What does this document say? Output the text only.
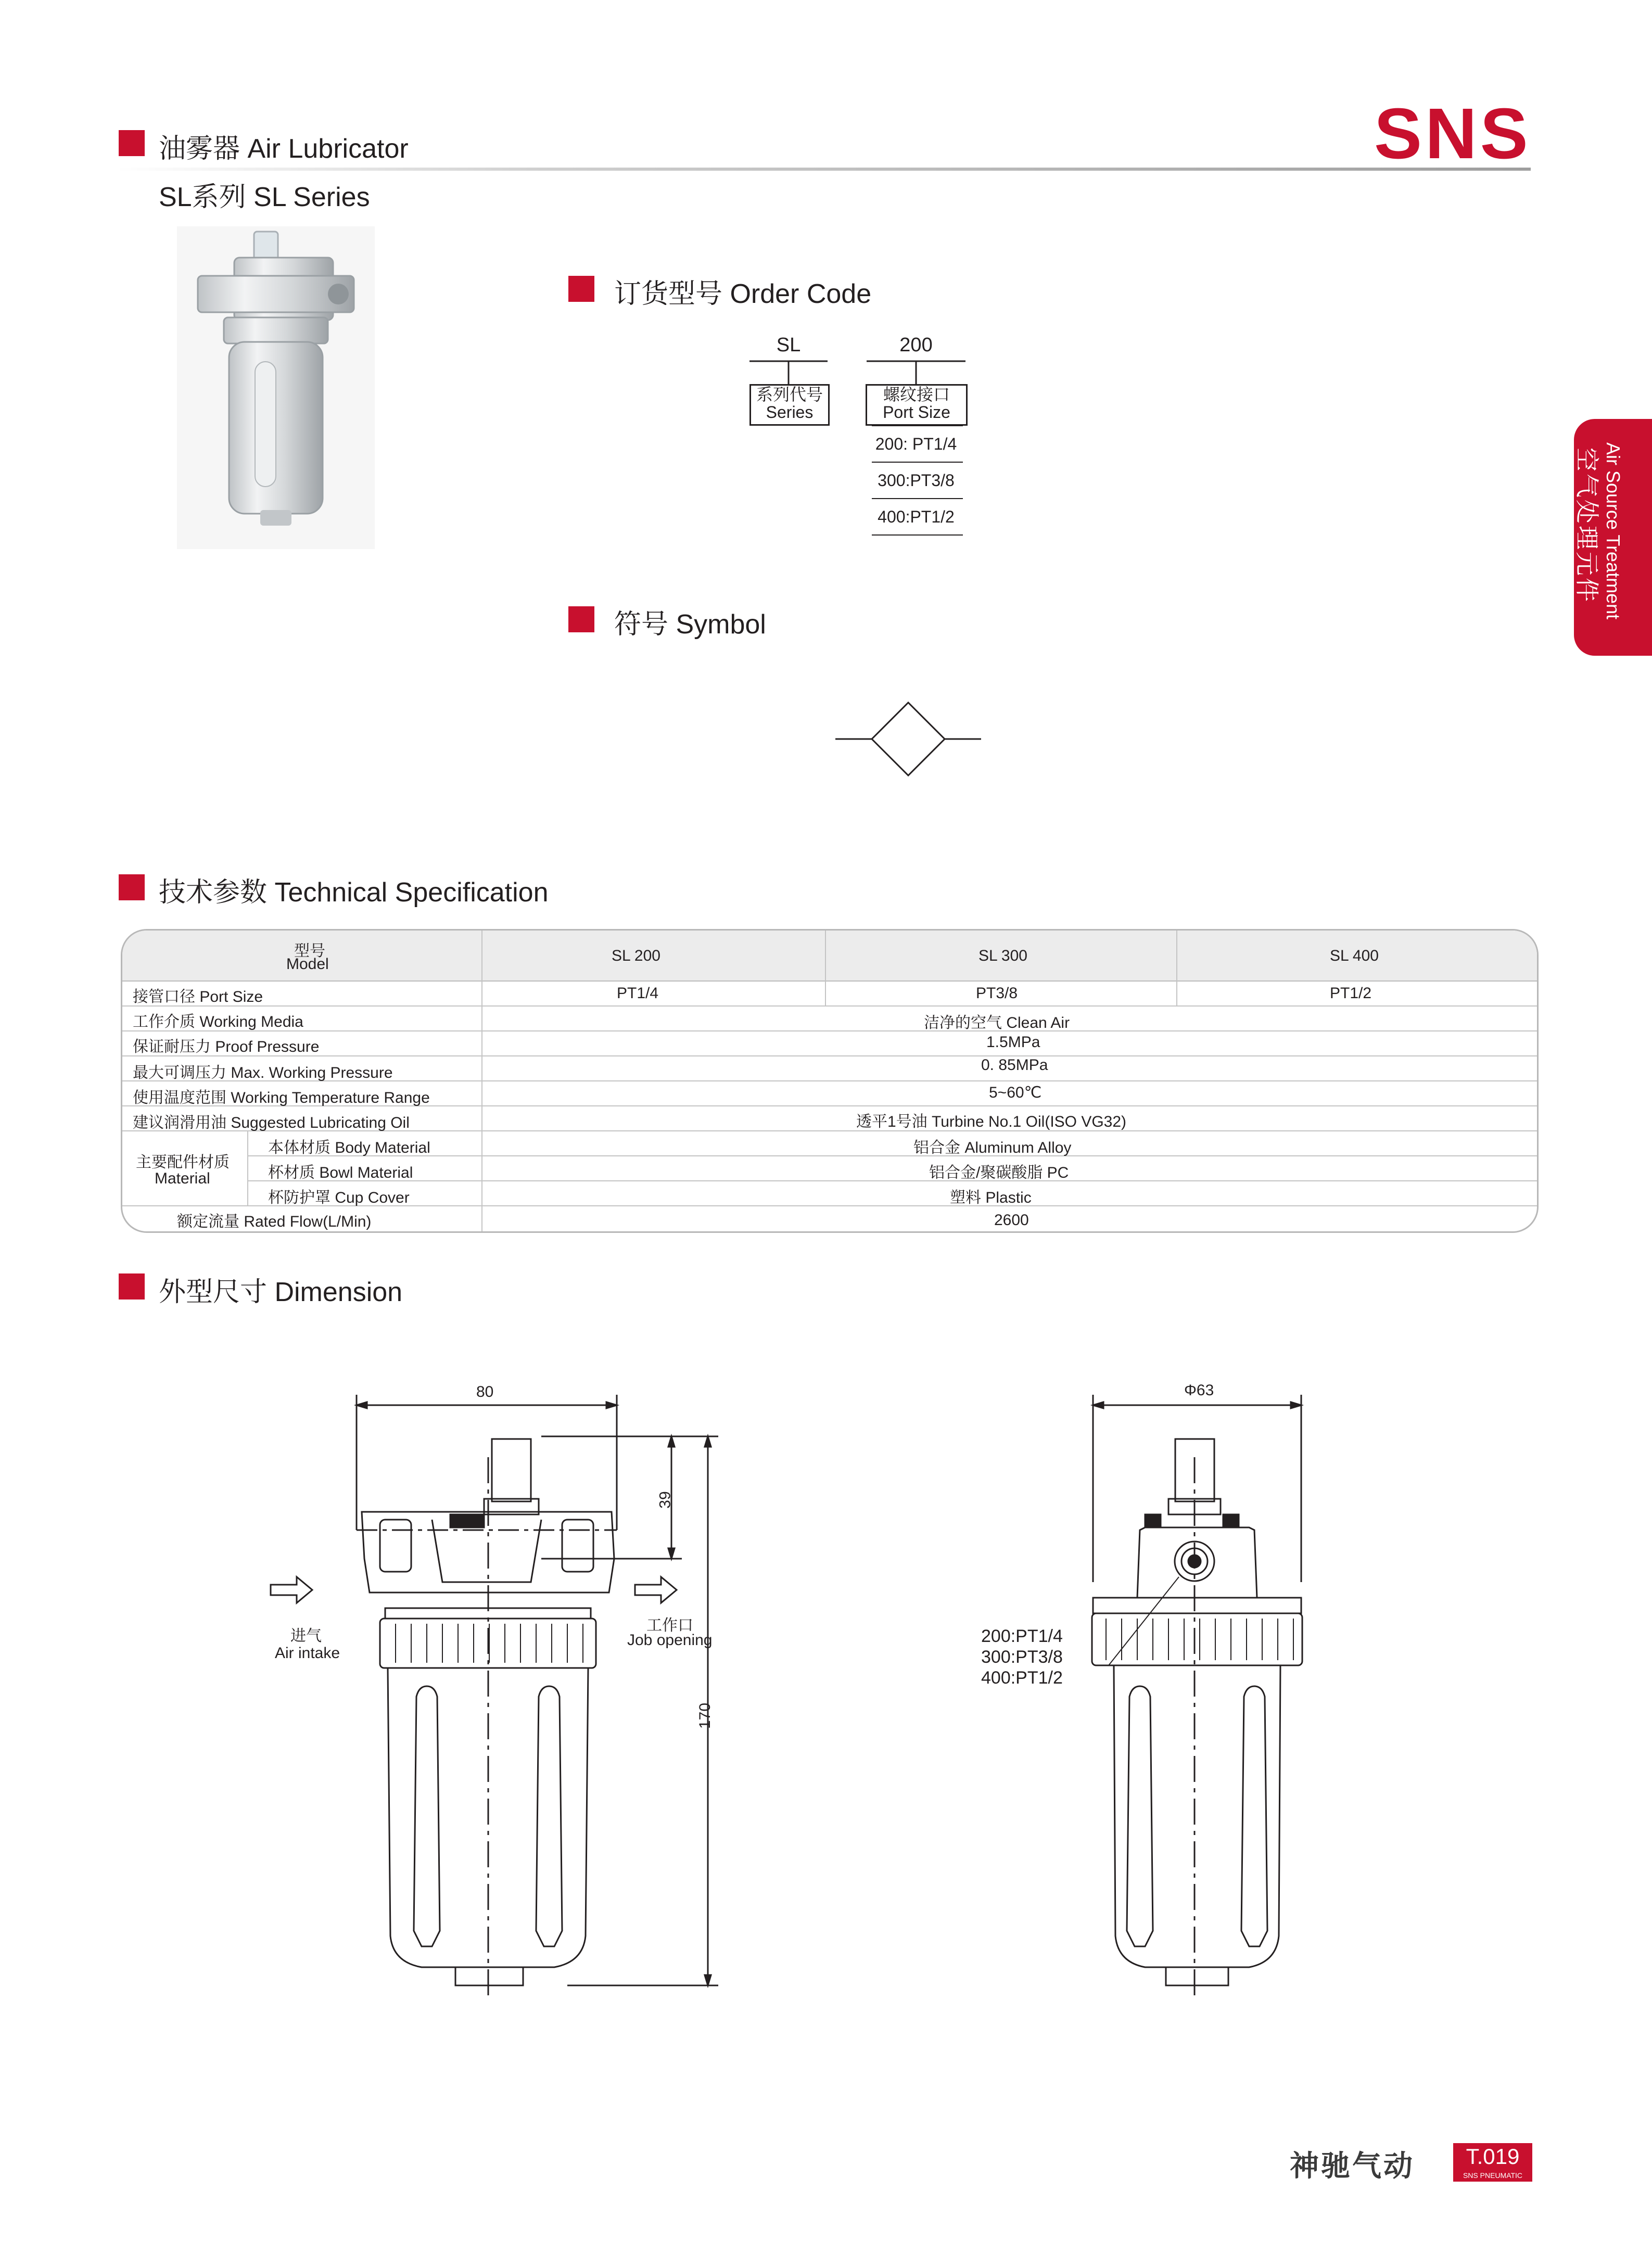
油雾器 Air Lubricator
SL系列 SL Series
SNS
Air Source Treatment
空气处理元件
订货型号 Order Code
SL	200
系列代号
Series
螺纹接口
Port Size
200: PT1/4
300:PT3/8
400:PT1/2
符号 Symbol
技术参数 Technical Specification
型号
Model	SL 200	SL 300	SL 400
接管口径 Port Size	PT1/4	PT3/8	PT1/2
工作介质 Working Media	洁净的空气 Clean Air
保证耐压力 Proof Pressure	1.5MPa
最大可调压力 Max. Working Pressure	0. 85MPa
使用温度范围 Working Temperature Range	5~60℃
建议润滑用油 Suggested Lubricating Oil	透平1号油 Turbine No.1 Oil(ISO VG32)
主要配件材质
Material
本体材质 Body Material	铝合金 Aluminum Alloy
杯材质 Bowl Material	铝合金/聚碳酸脂 PC
杯防护罩 Cup Cover	塑料 Plastic
额定流量 Rated Flow(L/Min)	2600
外型尺寸 Dimension
80
39
170
进气
Air intake
工作口
Job opening
Φ63
200:PT1/4
300:PT3/8
400:PT1/2
神驰气动	T.019
SNS PNEUMATIC
